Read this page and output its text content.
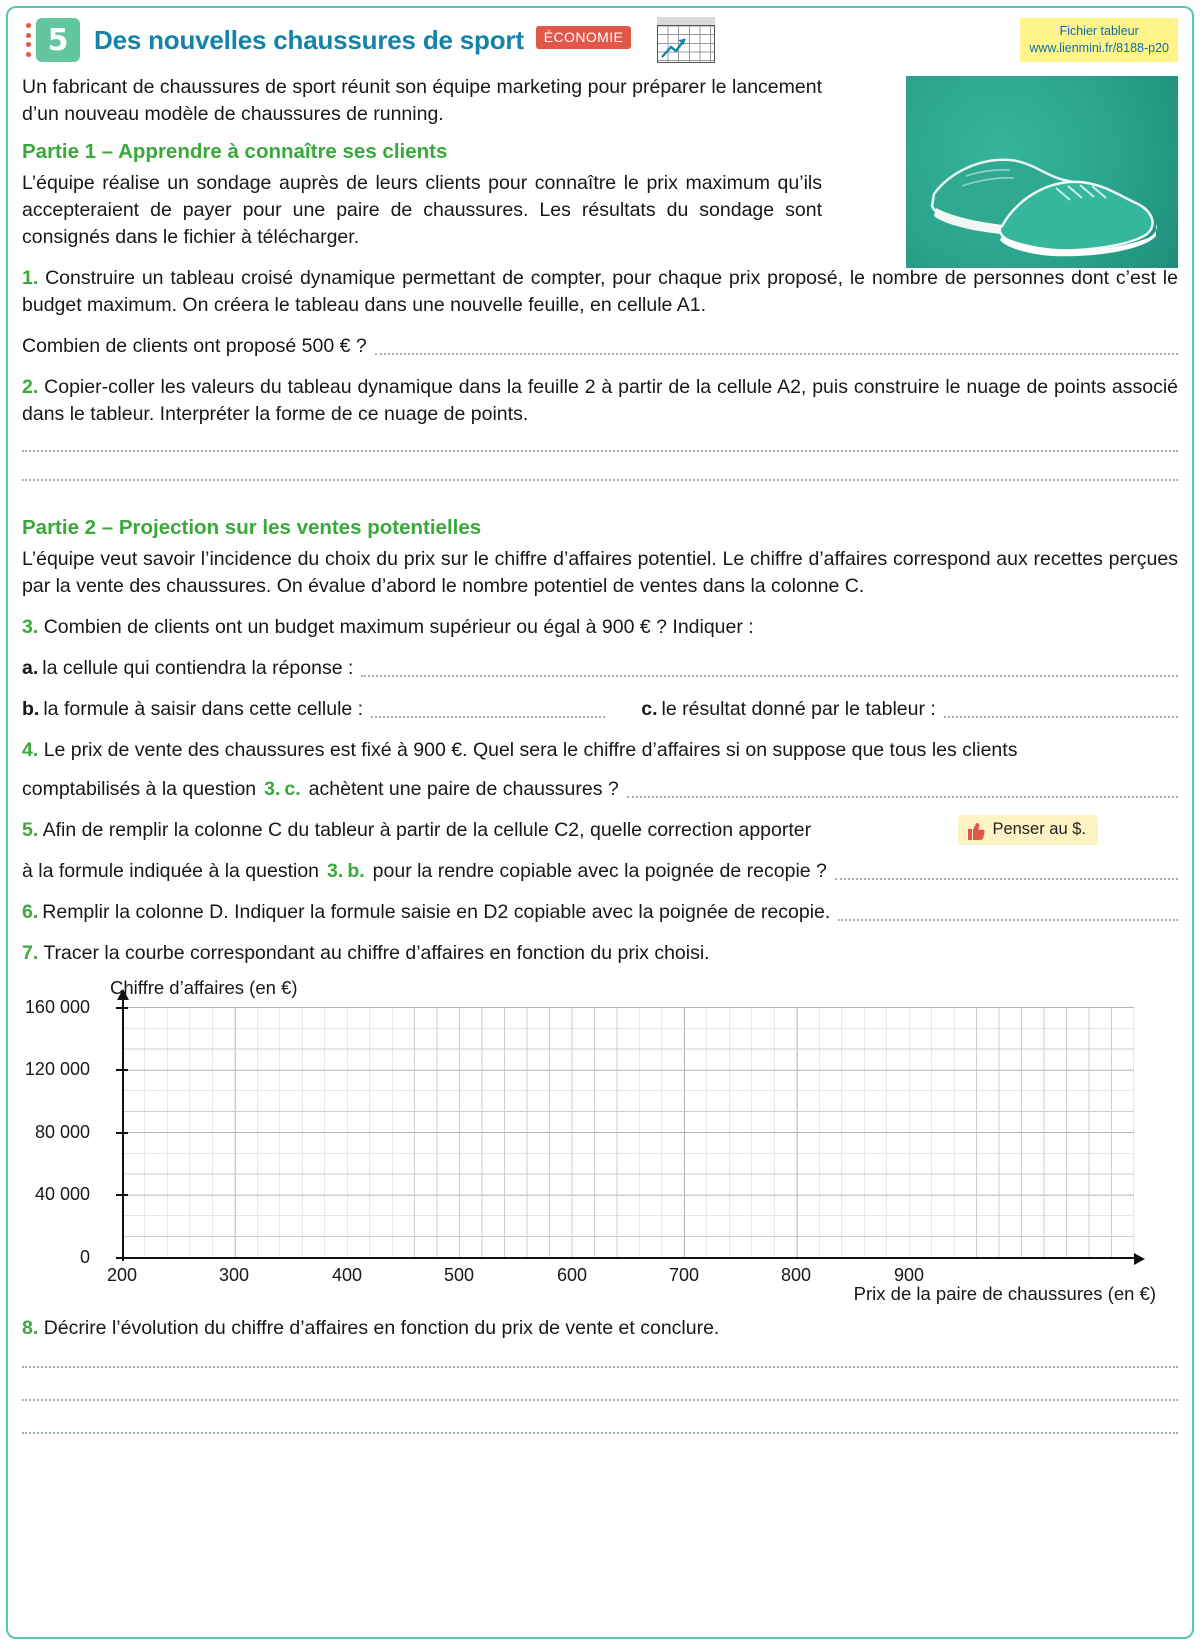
5 Des nouvelles chaussures de sport	ÉCONOMIE	Fichier tableur
www.lienmini.fr/8188-p20
Un fabricant de chaussures de sport réunit son équipe marketing pour préparer le lancement d’un nouveau modèle de chaussures de running.
Partie 1 – Apprendre à connaître ses clients
L’équipe réalise un sondage auprès de leurs clients pour connaître le prix maximum qu’ils accepteraient de payer pour une paire de chaussures. Les résultats du sondage sont consignés dans le fichier à télécharger.
1. Construire un tableau croisé dynamique permettant de compter, pour chaque prix proposé, le nombre de personnes dont c’est le budget maximum. On créera le tableau dans une nouvelle feuille, en cellule A1.
Combien de clients ont proposé 500 € ?
2. Copier-coller les valeurs du tableau dynamique dans la feuille 2 à partir de la cellule A2, puis construire le nuage de points associé dans le tableur. Interpréter la forme de ce nuage de points.
Partie 2 – Projection sur les ventes potentielles
L’équipe veut savoir l’incidence du choix du prix sur le chiffre d’affaires potentiel. Le chiffre d’affaires correspond aux recettes perçues par la vente des chaussures. On évalue d’abord le nombre potentiel de ventes dans la colonne C.
3. Combien de clients ont un budget maximum supérieur ou égal à 900 € ? Indiquer :
a. la cellule qui contiendra la réponse :
b. la formule à saisir dans cette cellule :	c. le résultat donné par le tableur :
4. Le prix de vente des chaussures est fixé à 900 €. Quel sera le chiffre d’affaires si on suppose que tous les clients
comptabilisés à la question 3. c. achètent une paire de chaussures ?
5. Afin de remplir la colonne C du tableur à partir de la cellule C2, quelle correction apporter	Penser au $.
à la formule indiquée à la question 3. b. pour la rendre copiable avec la poignée de recopie ?
6. Remplir la colonne D. Indiquer la formule saisie en D2 copiable avec la poignée de recopie.
7. Tracer la courbe correspondant au chiffre d’affaires en fonction du prix choisi.
Chiffre d’affaires (en €)
0
40 000
80 000
120 000
160 000
200	300	400	500	600	700	800	900
Prix de la paire de chaussures (en €)
8. Décrire l’évolution du chiffre d’affaires en fonction du prix de vente et conclure.
